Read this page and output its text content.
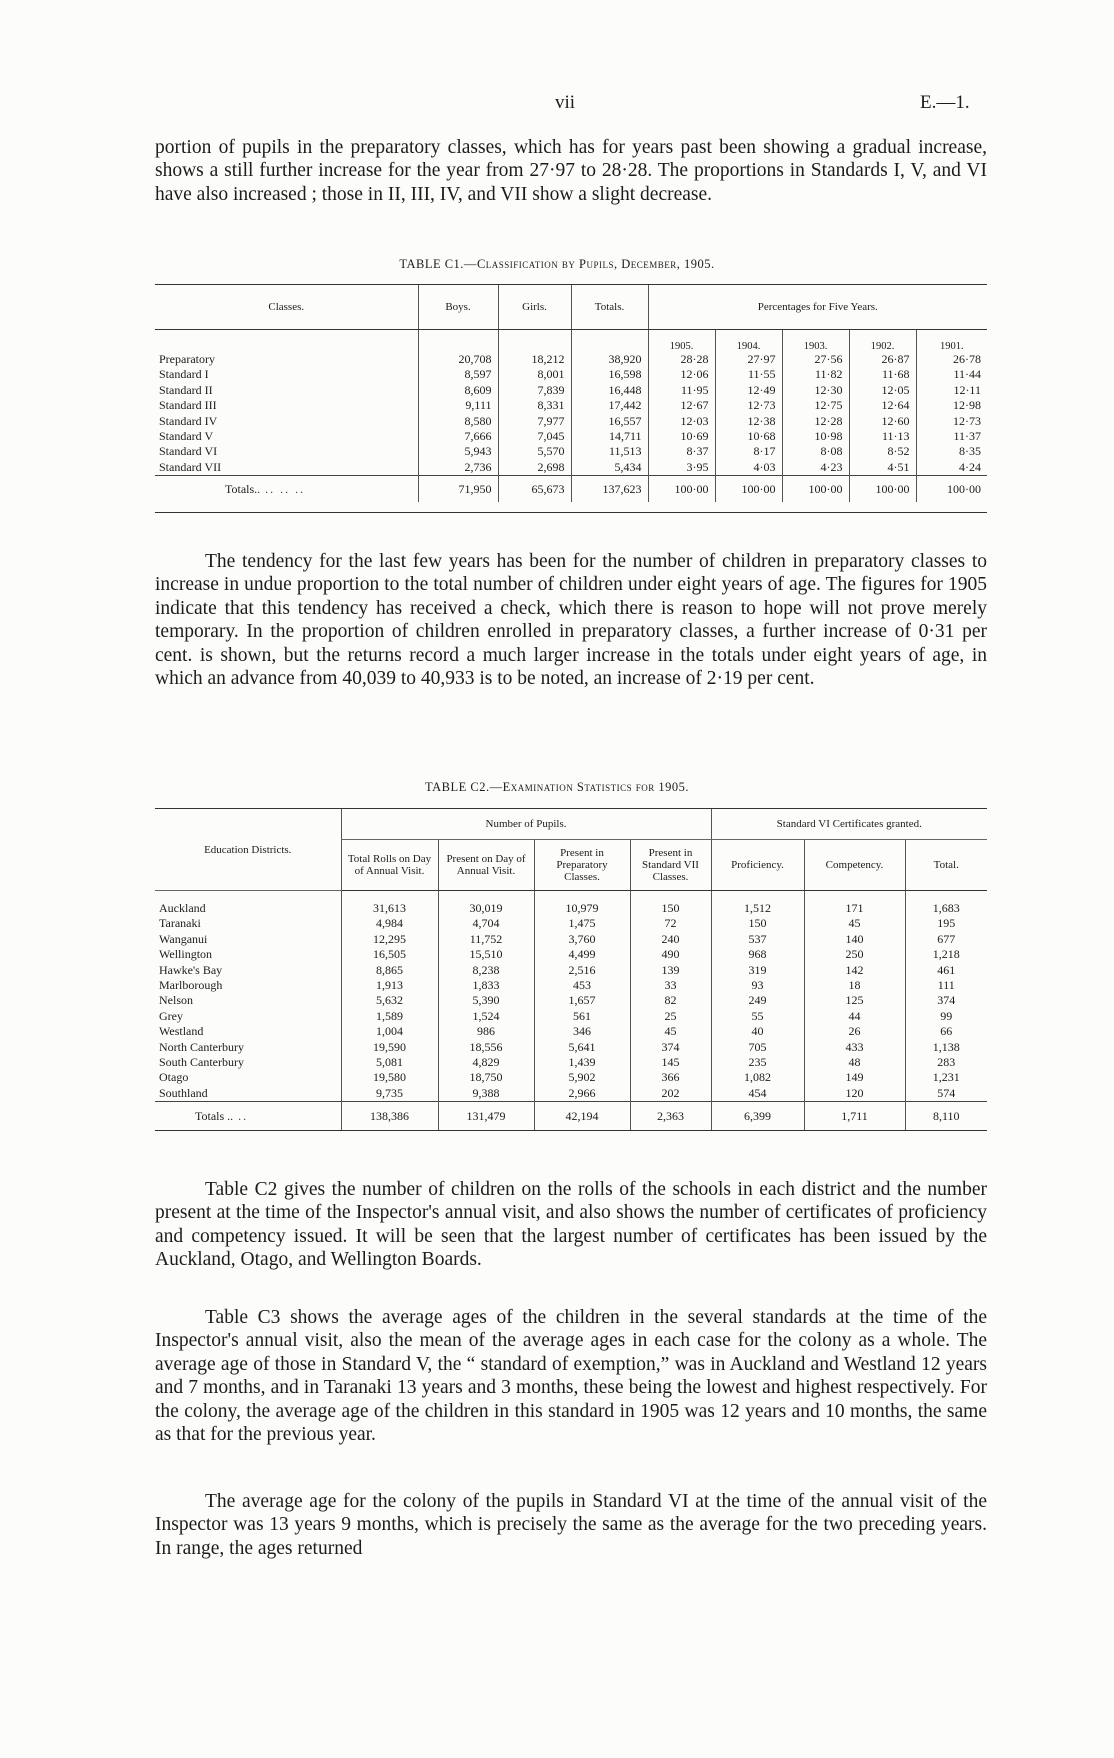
vii	E.—1.

portion of pupils in the preparatory classes, which has for years past been showing a gradual increase, shows a still further increase for the year from 27·97 to 28·28. The proportions in Standards I, V, and VI have also increased ; those in II, III, IV, and VII show a slight decrease.

TABLE C1.—Classification by Pupils, December, 1905.
Classes.	Boys.	Girls.	Totals.	Percentages for Five Years.				
				1905.	1904.	1903.	1902.	1901.
Preparatory	20,708	18,212	38,920	28·28	27·97	27·56	26·87	26·78
Standard I	8,597	8,001	16,598	12·06	11·55	11·82	11·68	11·44
Standard II	8,609	7,839	16,448	11·95	12·49	12·30	12·05	12·11
Standard III	9,111	8,331	17,442	12·67	12·73	12·75	12·64	12·98
Standard IV	8,580	7,977	16,557	12·03	12·38	12·28	12·60	12·73
Standard V	7,666	7,045	14,711	10·69	10·68	10·98	11·13	11·37
Standard VI	5,943	5,570	11,513	8·37	8·17	8·08	8·52	8·35
Standard VII	2,736	2,698	5,434	3·95	4·03	4·23	4·51	4·24
Totals.. .. .. ..	71,950	65,673	137,623	100·00	100·00	100·00	100·00	100·00

The tendency for the last few years has been for the number of children in preparatory classes to increase in undue proportion to the total number of children under eight years of age. The figures for 1905 indicate that this tendency has received a check, which there is reason to hope will not prove merely temporary. In the proportion of children enrolled in preparatory classes, a further increase of 0·31 per cent. is shown, but the returns record a much larger increase in the totals under eight years of age, in which an advance from 40,039 to 40,933 is to be noted, an increase of 2·19 per cent.

TABLE C2.—Examination Statistics for 1905.
Education Districts.	Number of Pupils.				Standard VI Certificates granted.		
	Total Rolls on Day of Annual Visit.	Present on Day of Annual Visit.	Present in Preparatory Classes.	Present in Standard VII Classes.	Proficiency.	Competency.	Total.

Auckland	31,613	30,019	10,979	150	1,512	171	1,683
Taranaki	4,984	4,704	1,475	72	150	45	195
Wanganui	12,295	11,752	3,760	240	537	140	677
Wellington	16,505	15,510	4,499	490	968	250	1,218
Hawke's Bay	8,865	8,238	2,516	139	319	142	461
Marlborough	1,913	1,833	453	33	93	18	111
Nelson	5,632	5,390	1,657	82	249	125	374
Grey	1,589	1,524	561	25	55	44	99
Westland	1,004	986	346	45	40	26	66
North Canterbury	19,590	18,556	5,641	374	705	433	1,138
South Canterbury	5,081	4,829	1,439	145	235	48	283
Otago	19,580	18,750	5,902	366	1,082	149	1,231
Southland	9,735	9,388	2,966	202	454	120	574
Totals .. ..	138,386	131,479	42,194	2,363	6,399	1,711	8,110

Table C2 gives the number of children on the rolls of the schools in each district and the number present at the time of the Inspector's annual visit, and also shows the number of certificates of proficiency and competency issued. It will be seen that the largest number of certificates has been issued by the Auckland, Otago, and Wellington Boards.

Table C3 shows the average ages of the children in the several standards at the time of the Inspector's annual visit, also the mean of the average ages in each case for the colony as a whole. The average age of those in Standard V, the “ standard of exemption,” was in Auckland and Westland 12 years and 7 months, and in Taranaki 13 years and 3 months, these being the lowest and highest respectively. For the colony, the average age of the children in this standard in 1905 was 12 years and 10 months, the same as that for the previous year.

The average age for the colony of the pupils in Standard VI at the time of the annual visit of the Inspector was 13 years 9 months, which is precisely the same as the average for the two preceding years. In range, the ages returned
